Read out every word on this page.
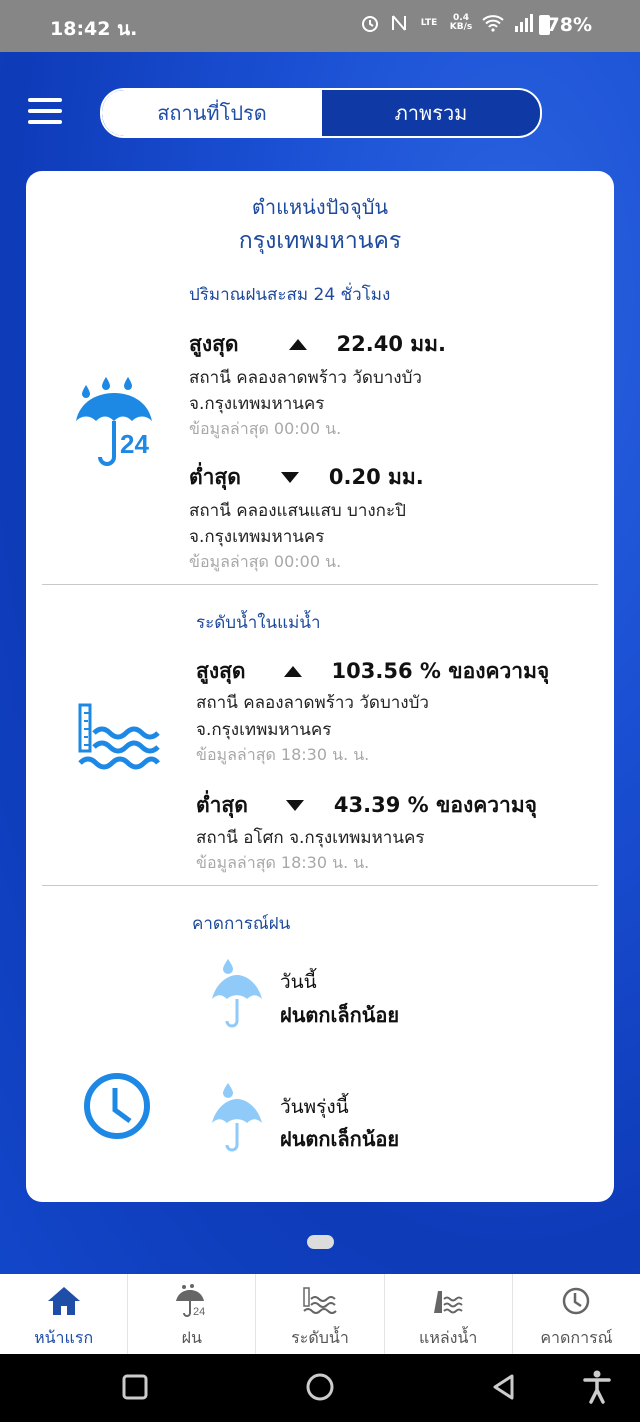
18:42 น.	LTE	0.4
KB/s	78%
สถานที่โปรด	ภาพรวม
ตำแหน่งปัจจุบัน
กรุงเทพมหานคร
ปริมาณฝนสะสม 24 ชั่วโมง
24
สูงสุด	22.40 มม.
สถานี คลองลาดพร้าว วัดบางบัว
จ.กรุงเทพมหานคร
ข้อมูลล่าสุด 00:00 น.
ต่ำสุด	0.20 มม.
สถานี คลองแสนแสบ บางกะปิ
จ.กรุงเทพมหานคร
ข้อมูลล่าสุด 00:00 น.
ระดับน้ำในแม่น้ำ
สูงสุด	103.56 % ของความจุ
สถานี คลองลาดพร้าว วัดบางบัว
จ.กรุงเทพมหานคร
ข้อมูลล่าสุด 18:30 น. น.
ต่ำสุด	43.39 % ของความจุ
สถานี อโศก จ.กรุงเทพมหานคร
ข้อมูลล่าสุด 18:30 น. น.
คาดการณ์ฝน
วันนี้
ฝนตกเล็กน้อย
วันพรุ่งนี้
ฝนตกเล็กน้อย
หน้าแรก
24
ฝน	ระดับน้ำ	แหล่งน้ำ	คาดการณ์
